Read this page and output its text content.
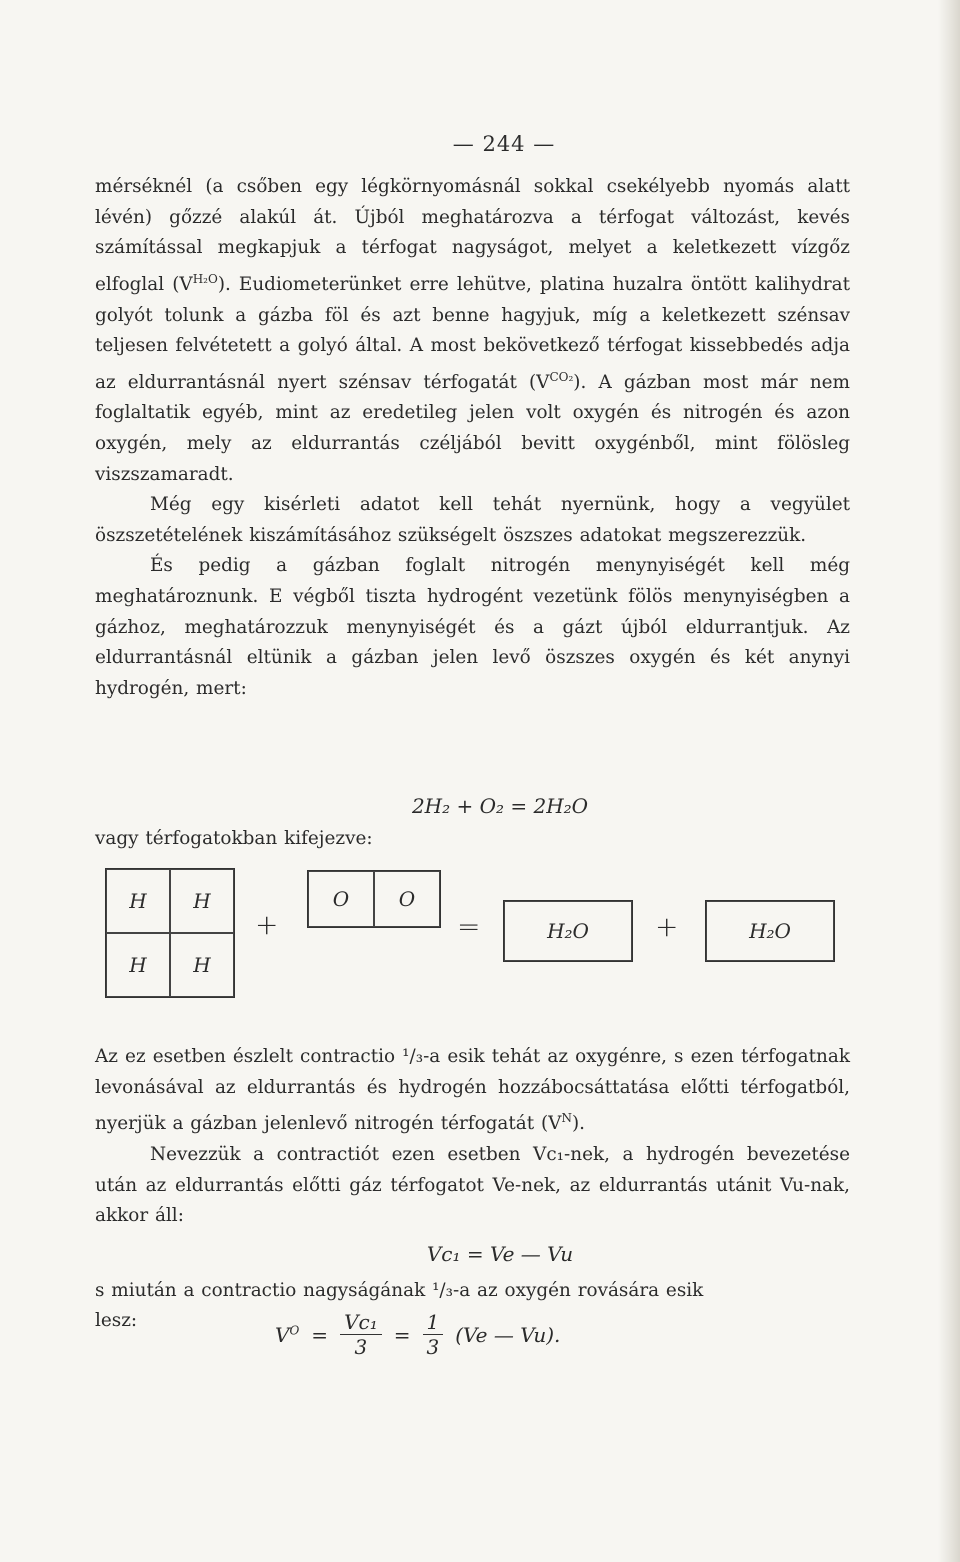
— 244 —

mérséknél (a csőben egy légkörnyomásnál sokkal csekélyebb nyomás alatt lévén) gőzzé alakúl át. Újból meghatározva a térfogat változást, kevés számítással megkapjuk a térfogat nagyságot, melyet a keletkezett vízgőz elfoglal $(V^{H_2O})$. Eudiometerünket erre lehütve, platina huzalra öntött kalihydrat golyót tolunk a gázba föl és azt benne hagyjuk, míg a keletkezett szénsav teljesen felvétetett a golyó által. A most bekövetkező térfogat kissebbedés adja az eldurrantásnál nyert szénsav térfogatát $(V^{CO_2})$. A gázban most már nem foglaltatik egyéb, mint az eredetileg jelen volt oxygén és nitrogén és azon oxygén, mely az eldurrantás czéljából bevitt oxygénből, mint fölösleg viszszamaradt.

Még egy kisérleti adatot kell tehát nyernünk, hogy a vegyület öszszetételének kiszámításához szükségelt öszszes adatokat megszerezzük.

És pedig a gázban foglalt nitrogén menynyiségét kell még meghatároznunk. E végből tiszta hydrogént vezetünk fölös menynyiségben a gázhoz, meghatározzuk menynyiségét és a gázt újból eldurrantjuk. Az eldurrantásnál eltünik a gázban jelen levő öszszes oxygén és két anynyi hydrogén, mert:

2H₂ + O₂ = 2H₂O

vagy térfogatokban kifejezve:

H	H
H	H
+
O	O
=	H₂O	+	H₂O

Az ez esetben észlelt contractio ¹/₃-a esik tehát az oxygénre, s ezen térfogatnak levonásával az eldurrantás és hydrogén hozzábocsáttatása előtti térfogatból, nyerjük a gázban jelenlevő nitrogén térfogatát $(V^N)$.

Nevezzük a contractiót ezen esetben Vc₁-nek, a hydrogén bevezetése után az eldurrantás előtti gáz térfogatot Ve-nek, az eldurrantás utánit Vu-nak, akkor áll:

Vc₁ = Ve — Vu

s miután a contractio nagyságának ¹/₃-a az oxygén rovására esik

lesz:
$V^O = \frac{\text{Vc₁}}{3} = \frac{1}{3} (Ve$ — Vu).
